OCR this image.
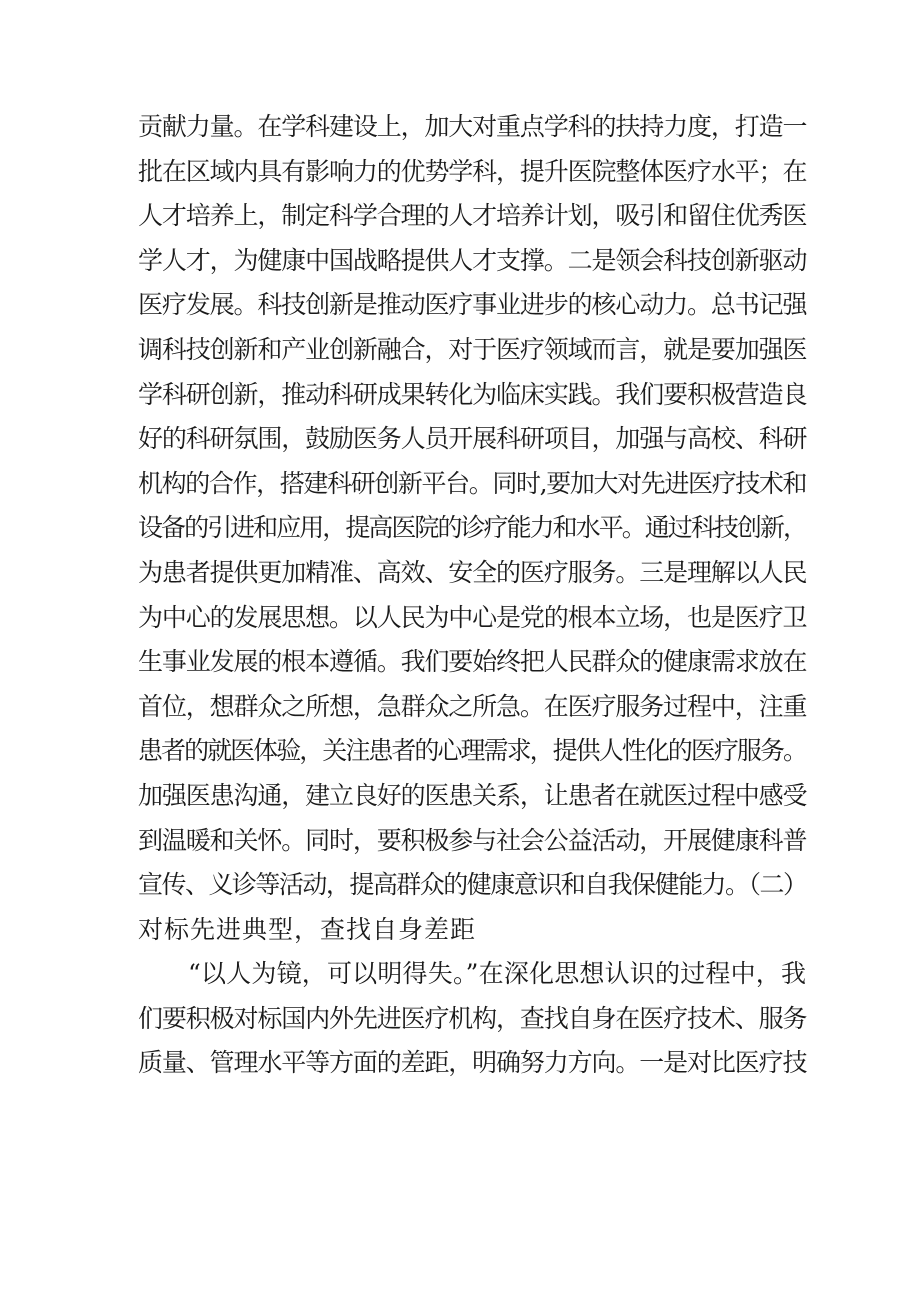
贡献力量。在学科建设上，加大对重点学科的扶持力度，打造一
批在区域内具有影响力的优势学科，提升医院整体医疗水平；在
人才培养上，制定科学合理的人才培养计划，吸引和留住优秀医
学人才，为健康中国战略提供人才支撑。二是领会科技创新驱动
医疗发展。科技创新是推动医疗事业进步的核心动力。总书记强
调科技创新和产业创新融合，对于医疗领域而言，就是要加强医
学科研创新，推动科研成果转化为临床实践。我们要积极营造良
好的科研氛围，鼓励医务人员开展科研项目，加强与高校、科研
机构的合作，搭建科研创新平台。同时,要加大对先进医疗技术和
设备的引进和应用，提高医院的诊疗能力和水平。通过科技创新，
为患者提供更加精准、高效、安全的医疗服务。三是理解以人民
为中心的发展思想。以人民为中心是党的根本立场，也是医疗卫
生事业发展的根本遵循。我们要始终把人民群众的健康需求放在
首位，想群众之所想，急群众之所急。在医疗服务过程中，注重
患者的就医体验，关注患者的心理需求，提供人性化的医疗服务。
加强医患沟通，建立良好的医患关系，让患者在就医过程中感受
到温暖和关怀。同时，要积极参与社会公益活动，开展健康科普
宣传、义诊等活动，提高群众的健康意识和自我保健能力。（二）
对标先进典型，查找自身差距
“以人为镜，可以明得失。”在深化思想认识的过程中，我
们要积极对标国内外先进医疗机构，查找自身在医疗技术、服务
质量、管理水平等方面的差距，明确努力方向。一是对比医疗技
